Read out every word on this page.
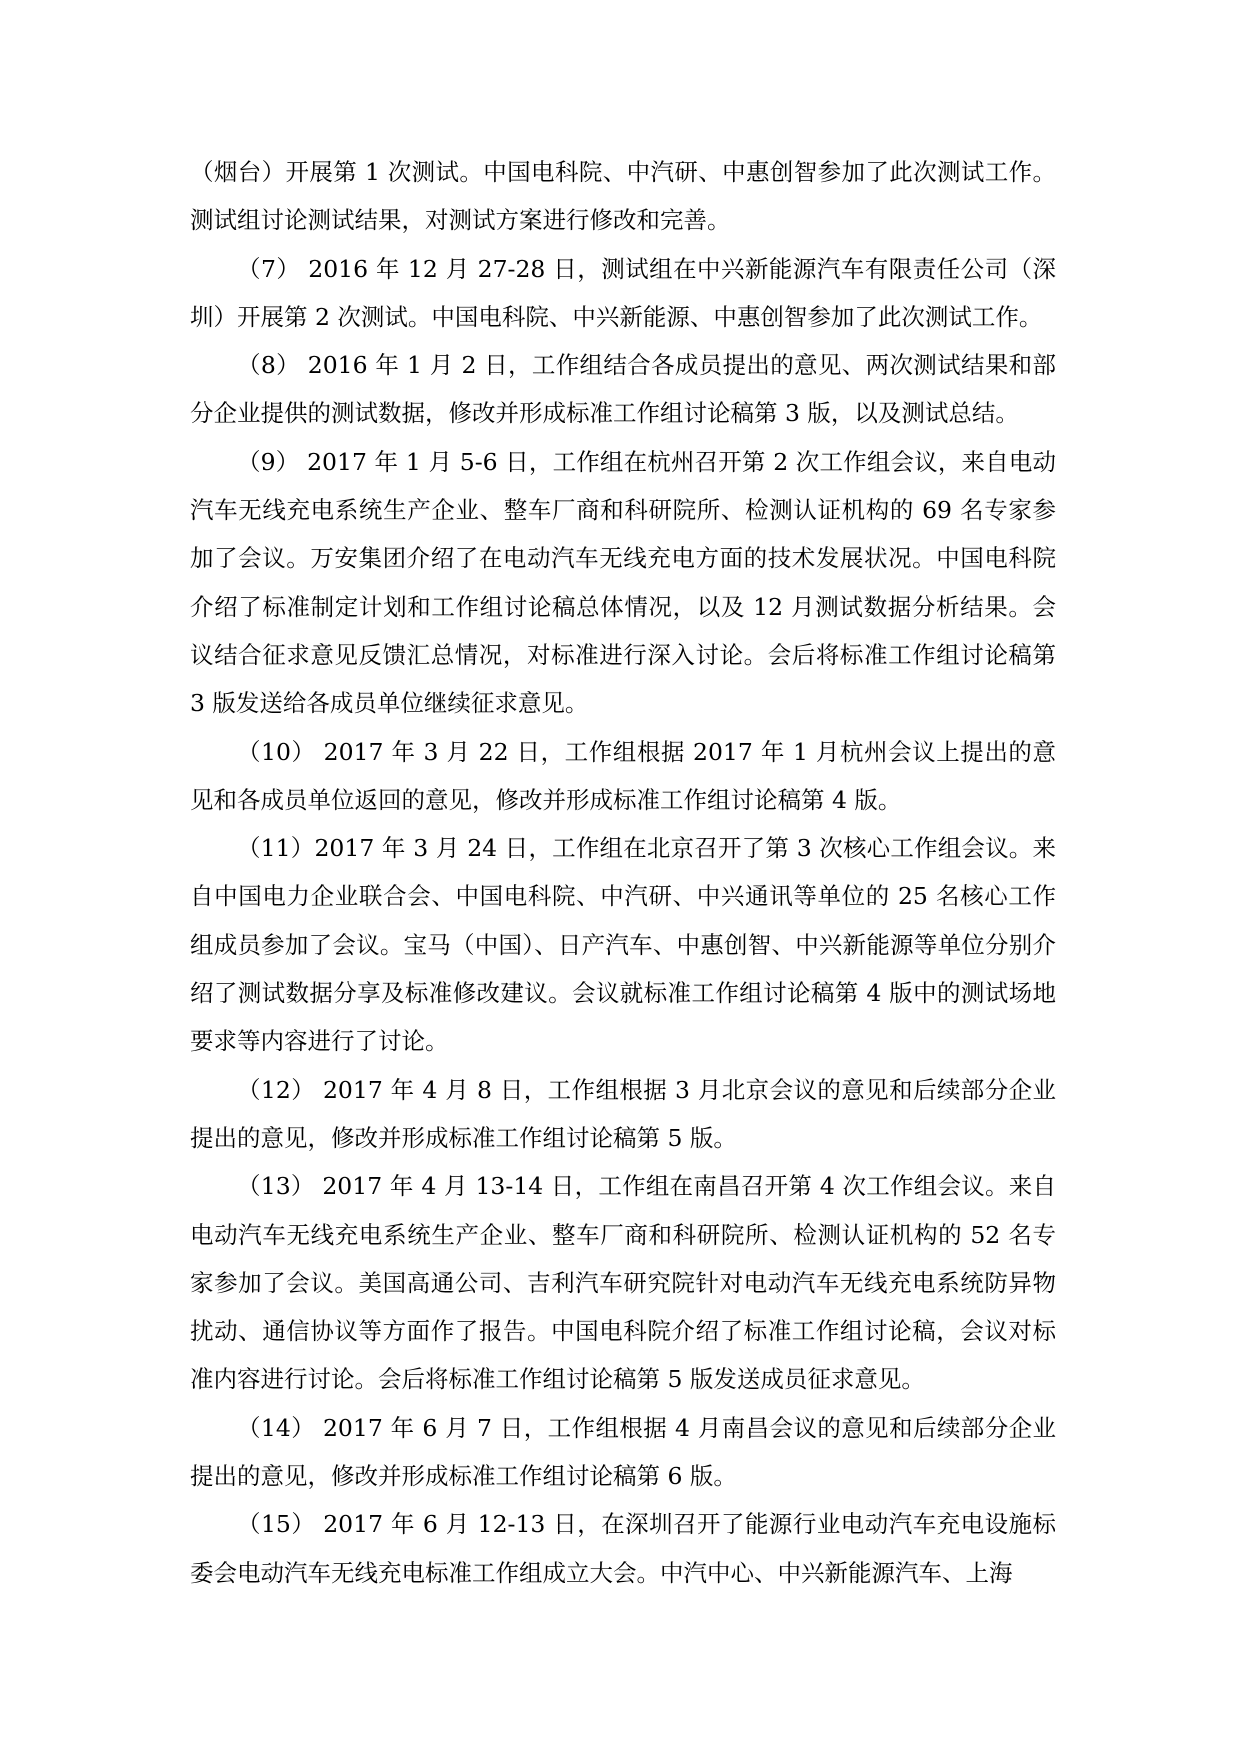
（烟台）开展第 1 次测试。中国电科院、中汽研、中惠创智参加了此次测试工作。测试组讨论测试结果，对测试方案进行修改和完善。

（7） 2016 年 12 月 27-28 日，测试组在中兴新能源汽车有限责任公司（深圳）开展第 2 次测试。中国电科院、中兴新能源、中惠创智参加了此次测试工作。

（8） 2016 年 1 月 2 日，工作组结合各成员提出的意见、两次测试结果和部分企业提供的测试数据，修改并形成标准工作组讨论稿第 3 版，以及测试总结。

（9） 2017 年 1 月 5-6 日，工作组在杭州召开第 2 次工作组会议，来自电动汽车无线充电系统生产企业、整车厂商和科研院所、检测认证机构的 69 名专家参加了会议。万安集团介绍了在电动汽车无线充电方面的技术发展状况。中国电科院介绍了标准制定计划和工作组讨论稿总体情况，以及 12 月测试数据分析结果。会议结合征求意见反馈汇总情况，对标准进行深入讨论。会后将标准工作组讨论稿第 3 版发送给各成员单位继续征求意见。

（10） 2017 年 3 月 22 日，工作组根据 2017 年 1 月杭州会议上提出的意见和各成员单位返回的意见，修改并形成标准工作组讨论稿第 4 版。

（11）2017 年 3 月 24 日，工作组在北京召开了第 3 次核心工作组会议。来自中国电力企业联合会、中国电科院、中汽研、中兴通讯等单位的 25 名核心工作组成员参加了会议。宝马（中国）、日产汽车、中惠创智、中兴新能源等单位分别介绍了测试数据分享及标准修改建议。会议就标准工作组讨论稿第 4 版中的测试场地要求等内容进行了讨论。

（12） 2017 年 4 月 8 日，工作组根据 3 月北京会议的意见和后续部分企业提出的意见，修改并形成标准工作组讨论稿第 5 版。

（13） 2017 年 4 月 13-14 日，工作组在南昌召开第 4 次工作组会议。来自电动汽车无线充电系统生产企业、整车厂商和科研院所、检测认证机构的 52 名专家参加了会议。美国高通公司、吉利汽车研究院针对电动汽车无线充电系统防异物扰动、通信协议等方面作了报告。中国电科院介绍了标准工作组讨论稿，会议对标准内容进行讨论。会后将标准工作组讨论稿第 5 版发送成员征求意见。

（14） 2017 年 6 月 7 日，工作组根据 4 月南昌会议的意见和后续部分企业提出的意见，修改并形成标准工作组讨论稿第 6 版。

（15） 2017 年 6 月 12-13 日，在深圳召开了能源行业电动汽车充电设施标委会电动汽车无线充电标准工作组成立大会。中汽中心、中兴新能源汽车、上海
